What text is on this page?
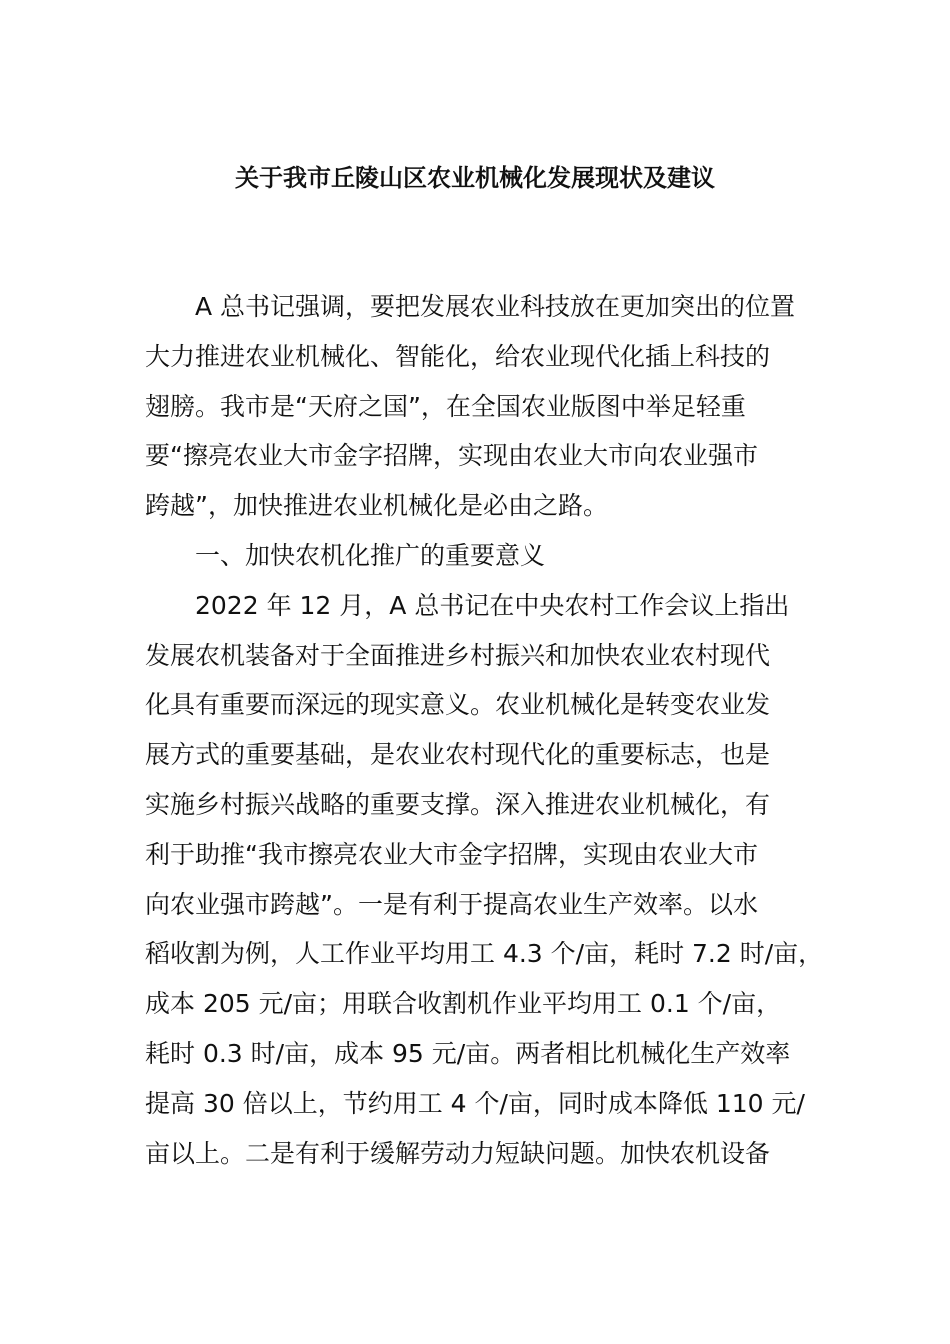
关于我市丘陵山区农业机械化发展现状及建议
A 总书记强调，要把发展农业科技放在更加突出的位置
大力推进农业机械化、智能化，给农业现代化插上科技的
翅膀。我市是“天府之国”，在全国农业版图中举足轻重
要“擦亮农业大市金字招牌，实现由农业大市向农业强市
跨越”，加快推进农业机械化是必由之路。
一、加快农机化推广的重要意义
2022 年 12 月，A 总书记在中央农村工作会议上指出
发展农机装备对于全面推进乡村振兴和加快农业农村现代
化具有重要而深远的现实意义。农业机械化是转变农业发
展方式的重要基础，是农业农村现代化的重要标志，也是
实施乡村振兴战略的重要支撑。深入推进农业机械化，有
利于助推“我市擦亮农业大市金字招牌，实现由农业大市
向农业强市跨越”。一是有利于提高农业生产效率。以水
稻收割为例，人工作业平均用工 4.3 个/亩，耗时 7.2 时/亩，
成本 205 元/亩；用联合收割机作业平均用工 0.1 个/亩，
耗时 0.3 时/亩，成本 95 元/亩。两者相比机械化生产效率
提高 30 倍以上，节约用工 4 个/亩，同时成本降低 110 元/
亩以上。二是有利于缓解劳动力短缺问题。加快农机设备
